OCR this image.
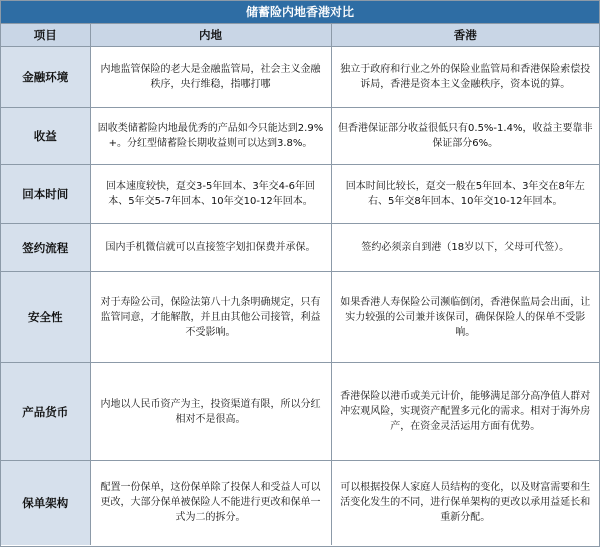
储蓄险内地香港对比
项目	内地	香港
金融环境	内地监管保险的老大是金融监管局，社会主义金融秩序，央行维稳，指哪打哪	独立于政府和行业之外的保险业监管局和香港保险索偿投诉局，香港是资本主义金融秩序，资本说的算。
收益	固收类储蓄险内地最优秀的产品如今只能达到2.9%+。分红型储蓄险长期收益则可以达到3.8%。	但香港保证部分收益很低只有0.5%-1.4%，收益主要靠非保证部分6%。
回本时间	回本速度较快，趸交3-5年回本、3年交4-6年回本、5年交5-7年回本、10年交10-12年回本。	回本时间比较长，趸交一般在5年回本、3年交在8年左右、5年交8年回本、10年交10-12年回本。
签约流程	国内手机微信就可以直接签字划扣保费并承保。	签约必须亲自到港（18岁以下，父母可代签）。
安全性	对于寿险公司，保险法第八十九条明确规定，只有监管同意，才能解散，并且由其他公司接管，利益不受影响。	如果香港人寿保险公司濒临倒闭，香港保监局会出面，让实力较强的公司兼并该保司，确保保险人的保单不受影响。
产品货币	内地以人民币资产为主，投资渠道有限，所以分红相对不是很高。	香港保险以港币或美元计价，能够满足部分高净值人群对冲宏观风险，实现资产配置多元化的需求。相对于海外房产，在资金灵活运用方面有优势。
保单架构	配置一份保单，这份保单除了投保人和受益人可以更改，大部分保单被保险人不能进行更改和保单一式为二的拆分。	可以根据投保人家庭人员结构的变化，以及财富需要和生活变化发生的不同，进行保单架构的更改以承用益延长和重新分配。
